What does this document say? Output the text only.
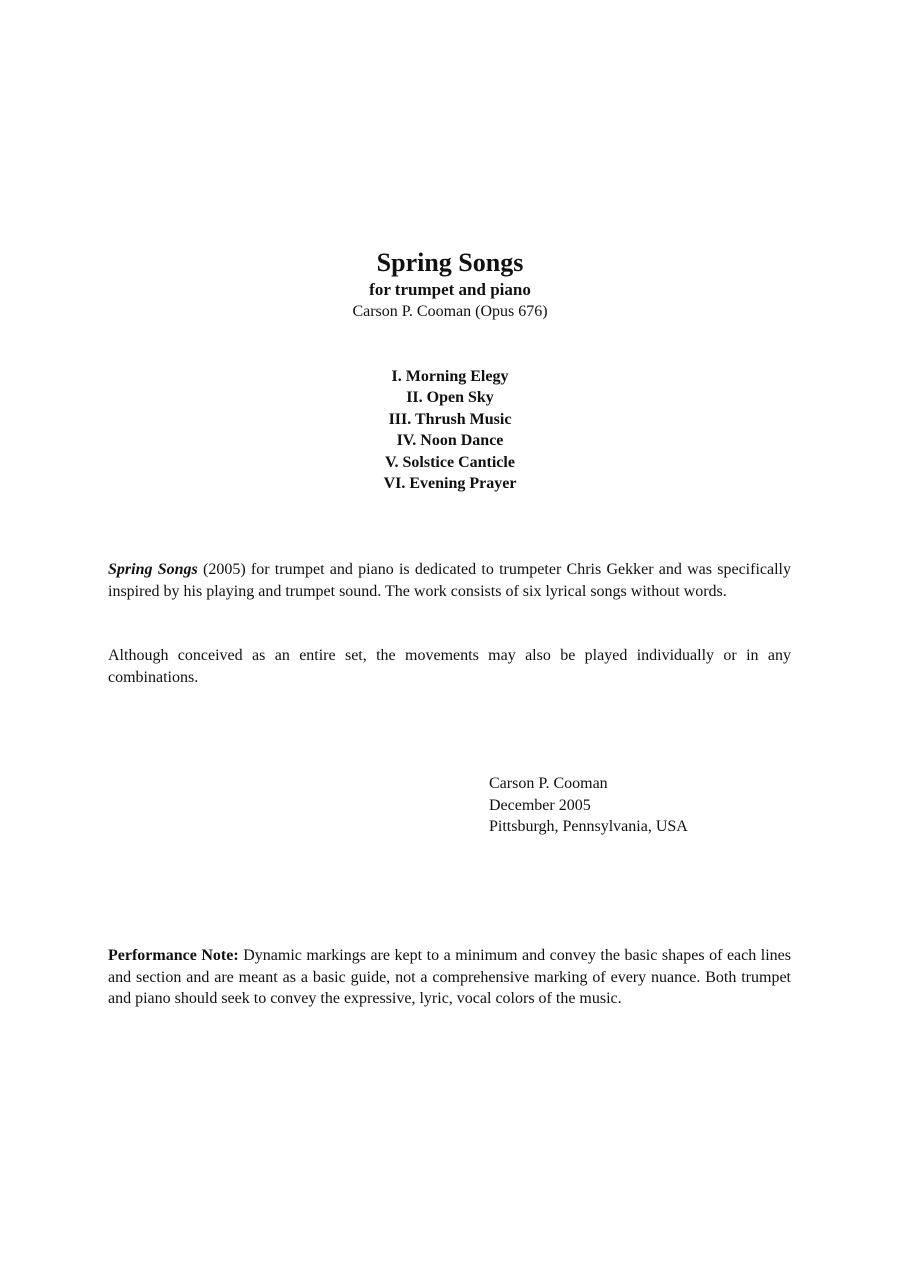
Spring Songs
for trumpet and piano
Carson P. Cooman (Opus 676)
I. Morning Elegy
II. Open Sky
III. Thrush Music
IV. Noon Dance
V. Solstice Canticle
VI. Evening Prayer

Spring Songs (2005) for trumpet and piano is dedicated to trumpeter Chris Gekker and was specifically inspired by his playing and trumpet sound. The work consists of six lyrical songs without words.

Although conceived as an entire set, the movements may also be played individually or in any combinations.

Carson P. Cooman
December 2005
Pittsburgh, Pennsylvania, USA

Performance Note: Dynamic markings are kept to a minimum and convey the basic shapes of each lines and section and are meant as a basic guide, not a comprehensive marking of every nuance. Both trumpet and piano should seek to convey the expressive, lyric, vocal colors of the music.
